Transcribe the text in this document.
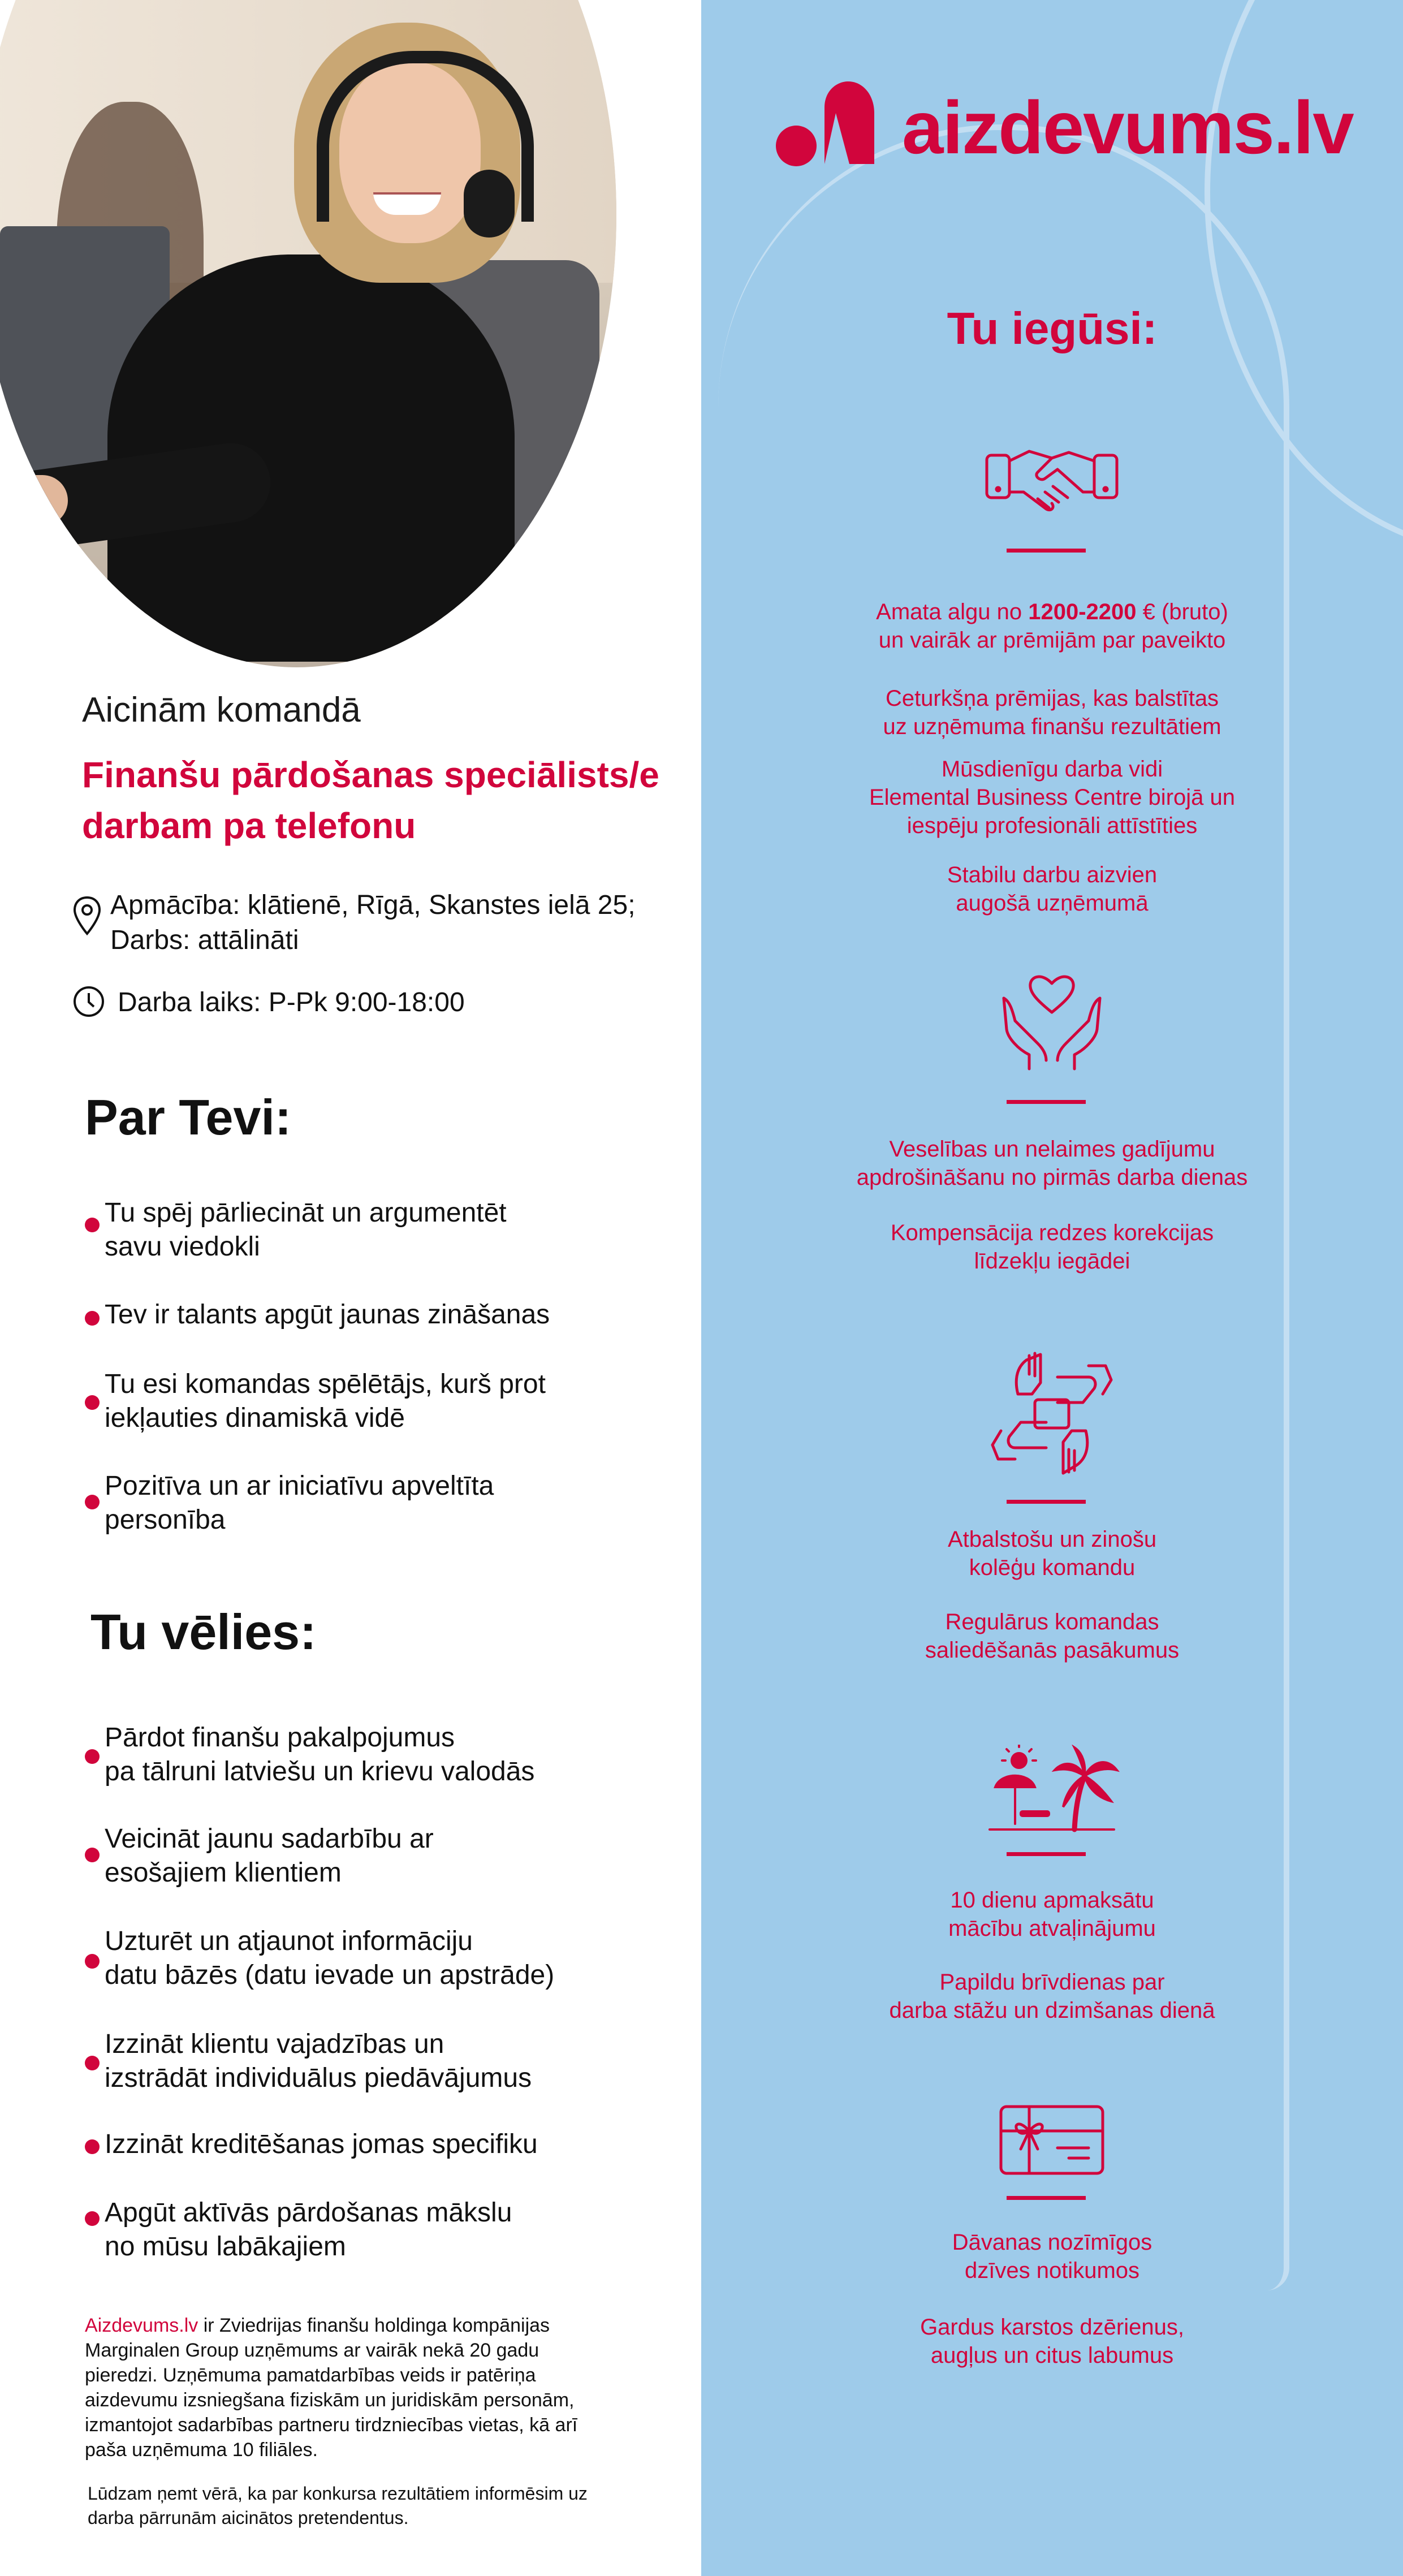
Aicinām komandā
Finanšu pārdošanas speciālists/e
darbam pa telefonu
Apmācība: klātienē, Rīgā, Skanstes ielā 25;
Darbs: attālināti
Darba laiks: P-Pk 9:00-18:00
Par Tevi:
Tu spēj pārliecināt un argumentēt
savu viedokli
Tev ir talants apgūt jaunas zināšanas
Tu esi komandas spēlētājs, kurš prot
iekļauties dinamiskā vidē
Pozitīva un ar iniciatīvu apveltīta
personība
Tu vēlies:
Pārdot finanšu pakalpojumus
pa tālruni latviešu un krievu valodās
Veicināt jaunu sadarbību ar
esošajiem klientiem
Uzturēt un atjaunot informāciju
datu bāzēs (datu ievade un apstrāde)
Izzināt klientu vajadzības un
izstrādāt individuālus piedāvājumus
Izzināt kreditēšanas jomas specifiku
Apgūt aktīvās pārdošanas mākslu
no mūsu labākajiem
Aizdevums.lv ir Zviedrijas finanšu holdinga kompānijas Marginalen Group uzņēmums ar vairāk nekā 20 gadu pieredzi. Uzņēmuma pamatdarbības veids ir patēriņa aizdevumu izsniegšana fiziskām un juridiskām personām, izmantojot sadarbības partneru tirdzniecības vietas, kā arī paša uzņēmuma 10 filiāles.
Lūdzam ņemt vērā, ka par konkursa rezultātiem informēsim uz darba pārrunām aicinātos pretendentus.
aizdevums.lv
Tu iegūsi:
Amata algu no 1200-2200 € (bruto)
un vairāk ar prēmijām par paveikto
Ceturkšņa prēmijas, kas balstītas
uz uzņēmuma finanšu rezultātiem
Mūsdienīgu darba vidi
Elemental Business Centre birojā un
iespēju profesionāli attīstīties
Stabilu darbu aizvien
augošā uzņēmumā
Veselības un nelaimes gadījumu
apdrošināšanu no pirmās darba dienas
Kompensācija redzes korekcijas
līdzekļu iegādei
Atbalstošu un zinošu
kolēģu komandu
Regulārus komandas
saliedēšanās pasākumus
10 dienu apmaksātu
mācību atvaļinājumu
Papildu brīvdienas par
darba stāžu un dzimšanas dienā
Dāvanas nozīmīgos
dzīves notikumos
Gardus karstos dzērienus,
augļus un citus labumus
